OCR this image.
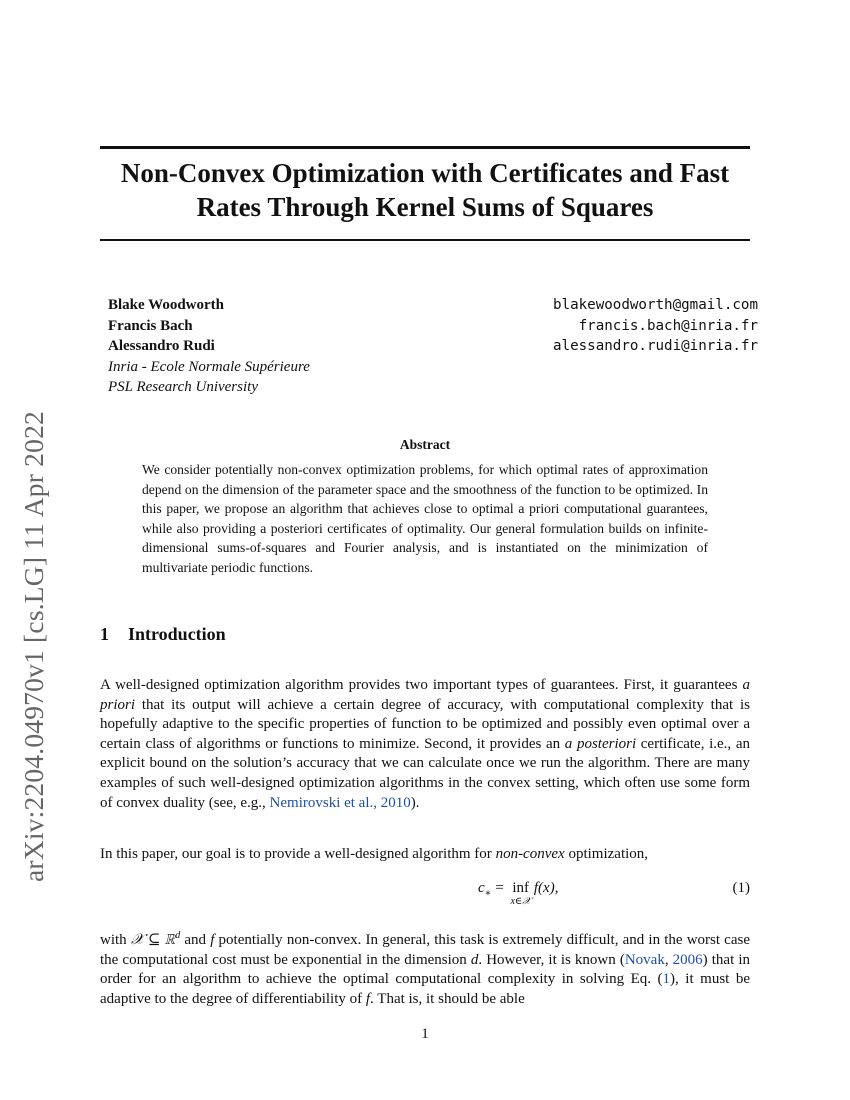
arXiv:2204.04970v1 [cs.LG] 11 Apr 2022
Non-Convex Optimization with Certificates and Fast
Rates Through Kernel Sums of Squares
Blake Woodworth
Francis Bach
Alessandro Rudi
Inria - Ecole Normale Supérieure
PSL Research University
blakewoodworth@gmail.com
francis.bach@inria.fr
alessandro.rudi@inria.fr
Abstract
We consider potentially non-convex optimization problems, for which optimal rates of approximation depend on the dimension of the parameter space and the smoothness of the function to be optimized. In this paper, we propose an algorithm that achieves close to optimal a priori computational guarantees, while also providing a posteriori certificates of optimality. Our general formulation builds on infinite-dimensional sums-of-squares and Fourier analysis, and is instantiated on the minimization of multivariate periodic functions.
1 Introduction
A well-designed optimization algorithm provides two important types of guarantees. First, it guarantees a priori that its output will achieve a certain degree of accuracy, with computational complexity that is hopefully adaptive to the specific properties of function to be optimized and possibly even optimal over a certain class of algorithms or functions to minimize. Second, it provides an a posteriori certificate, i.e., an explicit bound on the solution’s accuracy that we can calculate once we run the algorithm. There are many examples of such well-designed optimization algorithms in the convex setting, which often use some form of convex duality (see, e.g., Nemirovski et al., 2010).
In this paper, our goal is to provide a well-designed algorithm for non-convex optimization,
$c_∗$ = inf
x∈𝒳
f(x),	(1)
with 𝒳 ⊆ ℝ$^d$ and f potentially non-convex. In general, this task is extremely difficult, and in the worst case the computational cost must be exponential in the dimension d. However, it is known (Novak, 2006) that in order for an algorithm to achieve the optimal computational complexity in solving Eq. (1), it must be adaptive to the degree of differentiability of f. That is, it should be able
1
